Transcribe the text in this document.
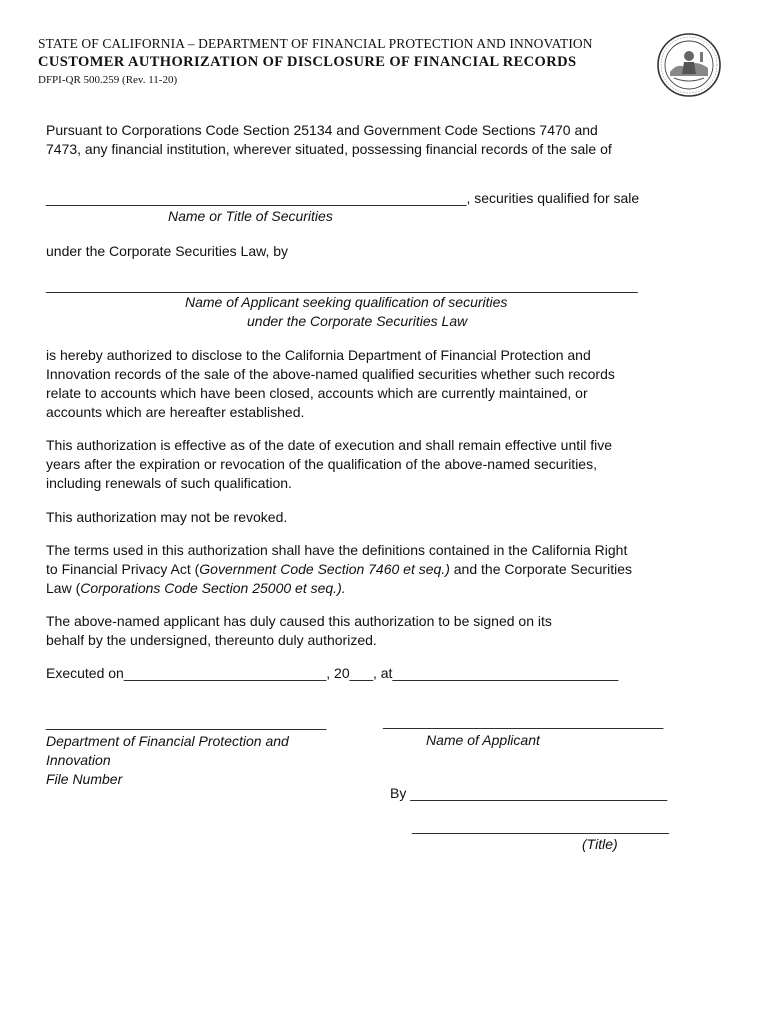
STATE OF CALIFORNIA – DEPARTMENT OF FINANCIAL PROTECTION AND INNOVATION
CUSTOMER AUTHORIZATION OF DISCLOSURE OF FINANCIAL RECORDS
DFPI-QR 500.259 (Rev. 11-20)
Pursuant to Corporations Code Section 25134 and Government Code Sections 7470 and
7473, any financial institution, wherever situated, possessing financial records of the sale of
______________________________________________________, securities qualified for sale
Name or Title of Securities
under the Corporate Securities Law, by
____________________________________________________________________________
Name of Applicant seeking qualification of securities
under the Corporate Securities Law
is hereby authorized to disclose to the California Department of Financial Protection and
Innovation records of the sale of the above-named qualified securities whether such records
relate to accounts which have been closed, accounts which are currently maintained, or
accounts which are hereafter established.
This authorization is effective as of the date of execution and shall remain effective until five
years after the expiration or revocation of the qualification of the above-named securities,
including renewals of such qualification.
This authorization may not be revoked.
The terms used in this authorization shall have the definitions contained in the California Right
to Financial Privacy Act (Government Code Section 7460 et seq.) and the Corporate Securities
Law (Corporations Code Section 25000 et seq.).
The above-named applicant has duly caused this authorization to be signed on its
behalf by the undersigned, thereunto duly authorized.
Executed on__________________________, 20___, at_____________________________
____________________________________
Department of Financial Protection and
Innovation
File Number
____________________________________
Name of Applicant
By _________________________________
_________________________________
(Title)
